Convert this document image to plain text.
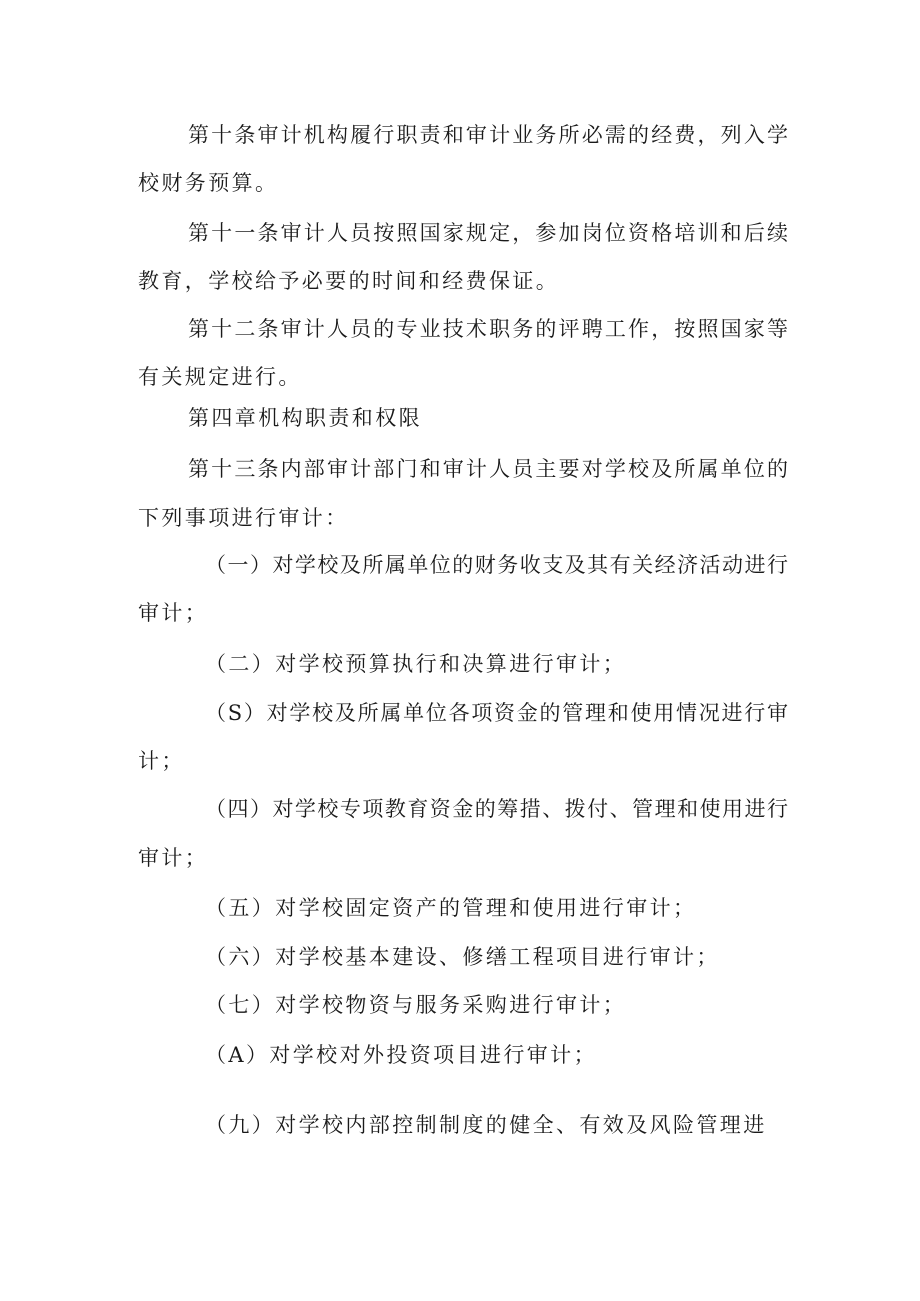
第十条审计机构履行职责和审计业务所必需的经费，列入学
校财务预算。
第十一条审计人员按照国家规定，参加岗位资格培训和后续
教育，学校给予必要的时间和经费保证。
第十二条审计人员的专业技术职务的评聘工作，按照国家等
有关规定进行。
第四章机构职责和权限
第十三条内部审计部门和审计人员主要对学校及所属单位的
下列事项进行审计：
（一）对学校及所属单位的财务收支及其有关经济活动进行
审计；
（二）对学校预算执行和决算进行审计；
（S）对学校及所属单位各项资金的管理和使用情况进行审
计；
（四）对学校专项教育资金的筹措、拨付、管理和使用进行
审计；
（五）对学校固定资产的管理和使用进行审计；
（六）对学校基本建设、修缮工程项目进行审计；
（七）对学校物资与服务采购进行审计；
（A）对学校对外投资项目进行审计；
（九）对学校内部控制制度的健全、有效及风险管理进
